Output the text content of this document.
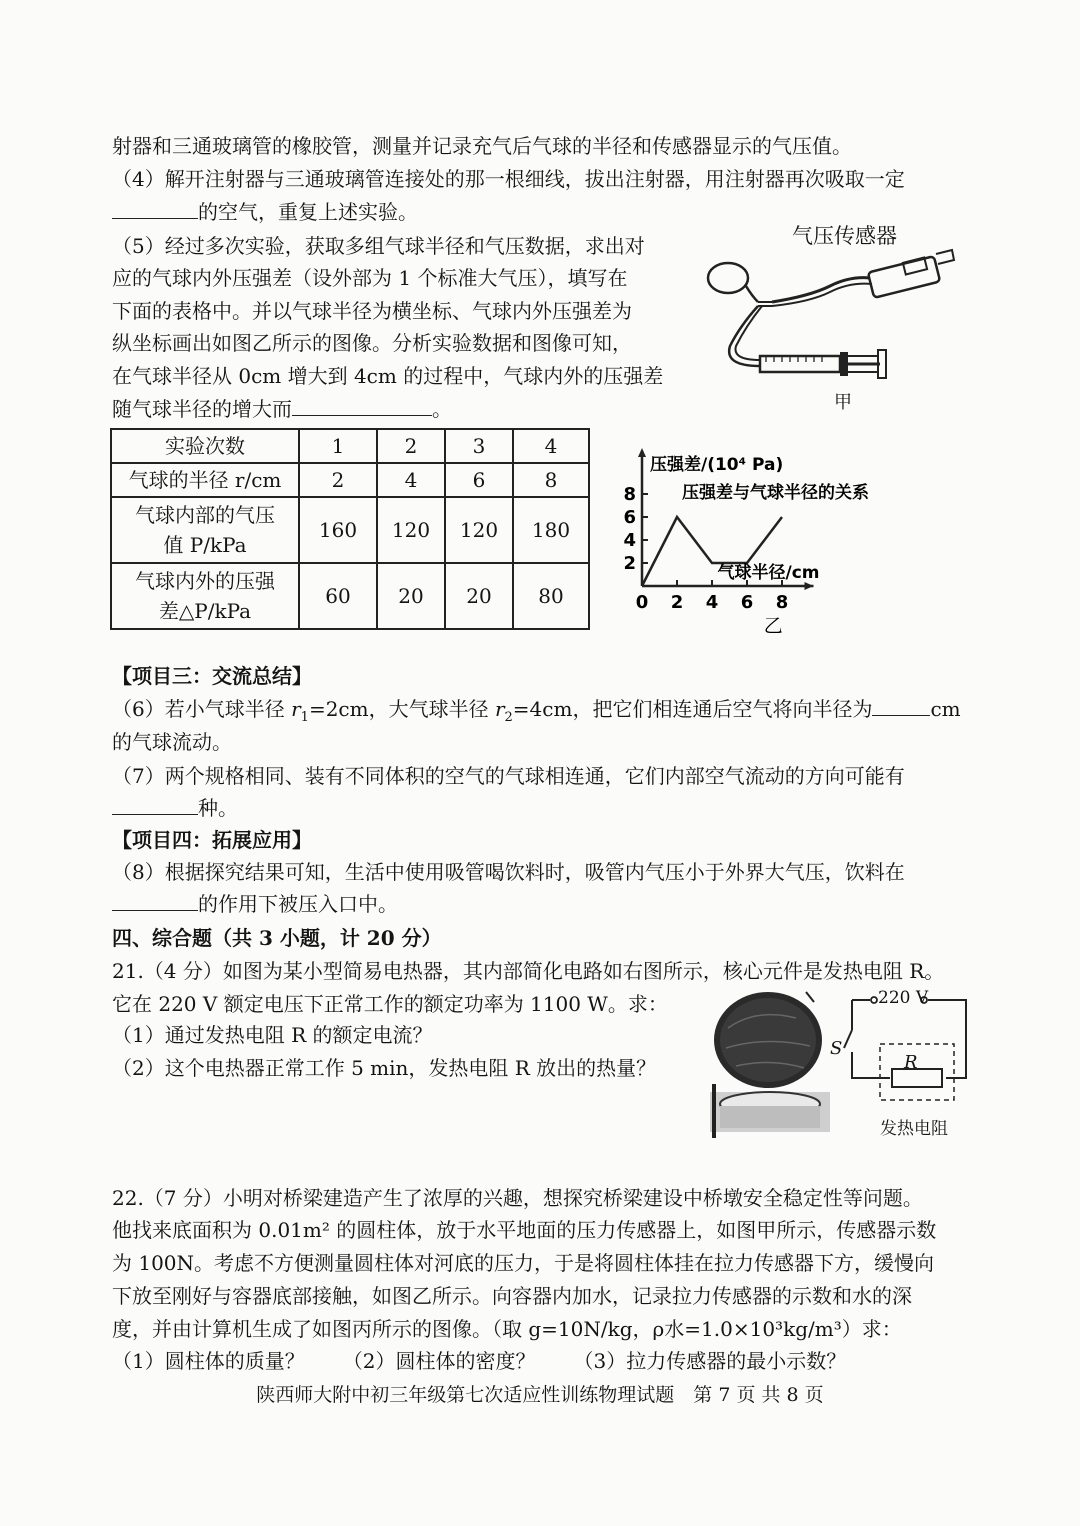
射器和三通玻璃管的橡胶管，测量并记录充气后气球的半径和传感器显示的气压值。
（4）解开注射器与三通玻璃管连接处的那一根细线，拔出注射器，用注射器再次吸取一定
的空气，重复上述实验。
（5）经过多次实验，获取多组气球半径和气压数据，求出对
应的气球内外压强差（设外部为 1 个标准大气压），填写在
下面的表格中。并以气球半径为横坐标、气球内外压强差为
纵坐标画出如图乙所示的图像。分析实验数据和图像可知，
在气球半径从 0cm 增大到 4cm 的过程中，气球内外的压强差
随气球半径的增大而	。
气压传感器
甲
实验次数	1	2	3	4
气球的半径 r/cm	2	4	6	8
气球内部的气压
值 P/kPa	160	120	120	180
气球内外的压强
差△P/kPa	60	20	20	80
2
4
6
8
0 2 4 6 8
压强差/(10⁴ Pa)
压强差与气球半径的关系
气球半径/cm
乙
【项目三：交流总结】
（6）若小气球半径 $r_1=2cm$，大气球半径 $r_2=4cm$，把它们相连通后空气将向半径为	cm
的气球流动。
（7）两个规格相同、装有不同体积的空气的气球相连通，它们内部空气流动的方向可能有
种。
【项目四：拓展应用】
（8）根据探究结果可知，生活中使用吸管喝饮料时，吸管内气压小于外界大气压，饮料在
的作用下被压入口中。
四、综合题（共 3 小题，计 20 分）
21.（4 分）如图为某小型简易电热器，其内部简化电路如右图所示，核心元件是发热电阻 R。
它在 220 V 额定电压下正常工作的额定功率为 1100 W。求：
（1）通过发热电阻 R 的额定电流？
（2）这个电热器正常工作 5 min，发热电阻 R 放出的热量？
220 V
S
R
发热电阻
22.（7 分）小明对桥梁建造产生了浓厚的兴趣，想探究桥梁建设中桥墩安全稳定性等问题。
他找来底面积为 0.01m² 的圆柱体，放于水平地面的压力传感器上，如图甲所示，传感器示数
为 100N。考虑不方便测量圆柱体对河底的压力，于是将圆柱体挂在拉力传感器下方，缓慢向
下放至刚好与容器底部接触，如图乙所示。向容器内加水，记录拉力传感器的示数和水的深
度，并由计算机生成了如图丙所示的图像。（取 g=10N/kg，ρ水=1.0×10³kg/m³）求：
（1）圆柱体的质量？ （2）圆柱体的密度？ （3）拉力传感器的最小示数？
陕西师大附中初三年级第七次适应性训练物理试题　第 7 页 共 8 页
